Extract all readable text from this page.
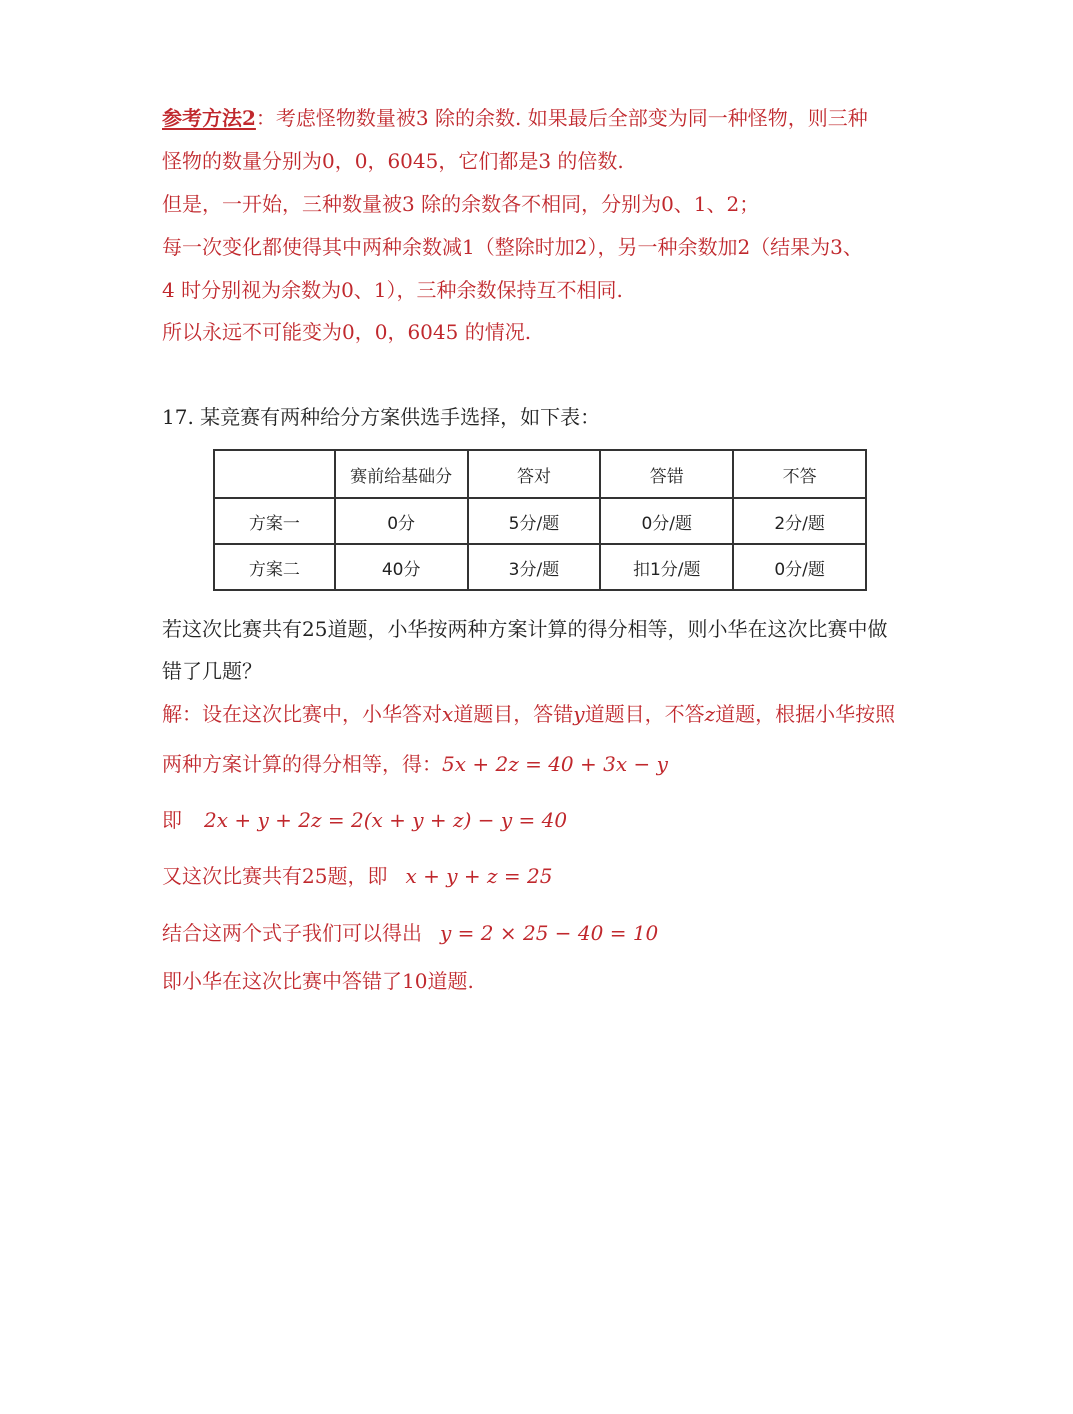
参考方法2：考虑怪物数量被3 除的余数. 如果最后全部变为同一种怪物，则三种
怪物的数量分别为0，0，6045，它们都是3 的倍数.
但是，一开始，三种数量被3 除的余数各不相同，分别为0、1、2；
每一次变化都使得其中两种余数减1（整除时加2），另一种余数加2（结果为3、
4 时分别视为余数为0、1），三种余数保持互不相同.
所以永远不可能变为0，0，6045 的情况.
17. 某竞赛有两种给分方案供选手选择，如下表：
	赛前给基础分	答对	答错	不答
方案一	0分	5分/题	0分/题	2分/题
方案二	40分	3分/题	扣1分/题	0分/题
若这次比赛共有25道题，小华按两种方案计算的得分相等，则小华在这次比赛中做
错了几题？
解：设在这次比赛中，小华答对x道题目，答错y道题目，不答z道题，根据小华按照
两种方案计算的得分相等，得：5x + 2z = 40 + 3x − y
即 2x + y + 2z = 2(x + y + z) − y = 40
又这次比赛共有25题，即 x + y + z = 25
结合这两个式子我们可以得出 y = 2 × 25 − 40 = 10
即小华在这次比赛中答错了10道题.
